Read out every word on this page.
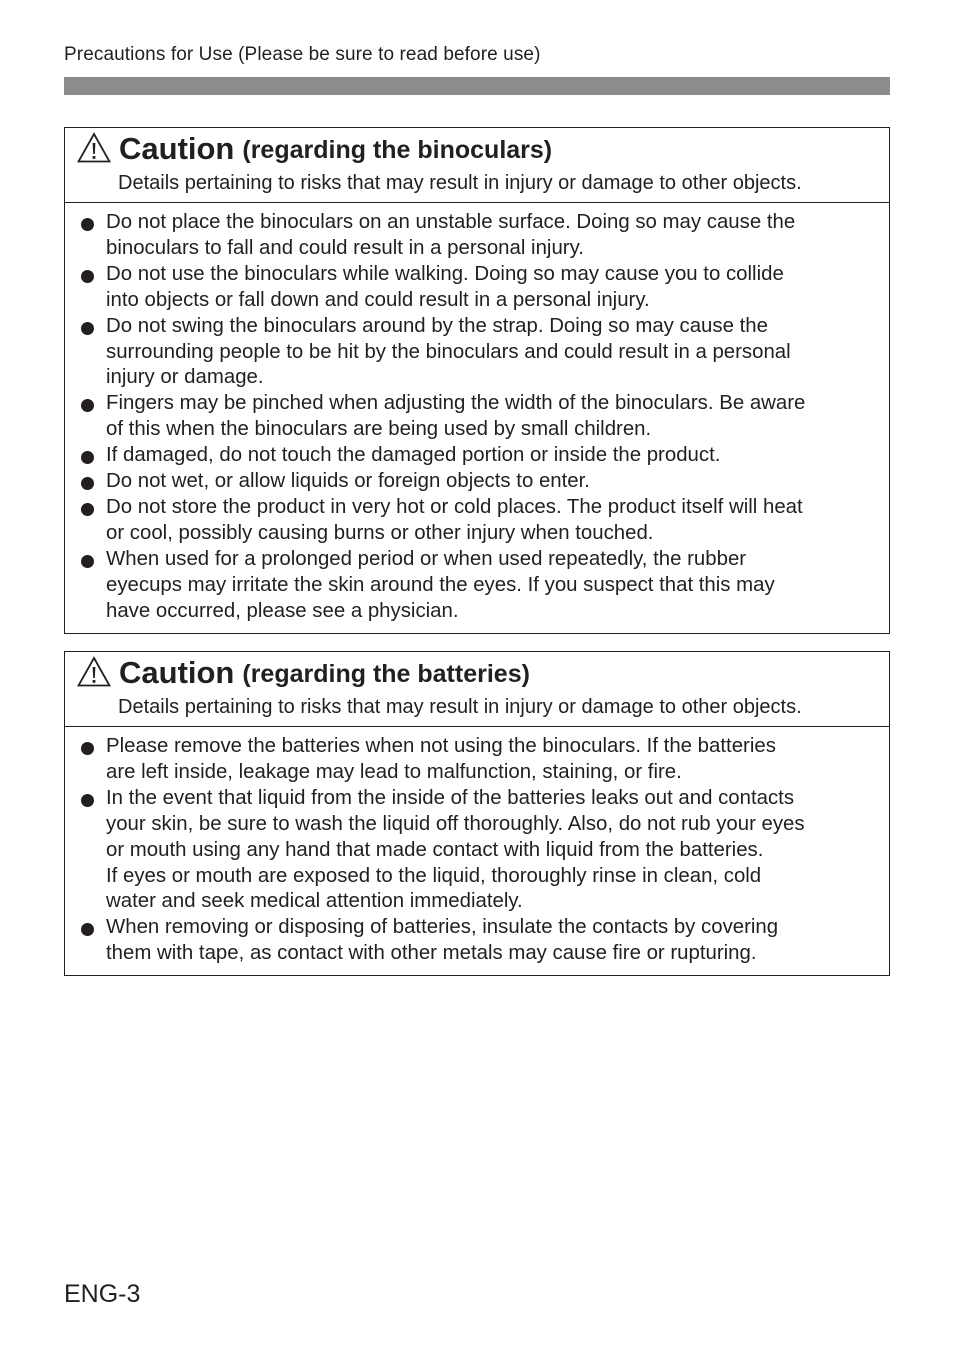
Precautions for Use (Please be sure to read before use)
Caution (regarding the binoculars)
Details pertaining to risks that may result in injury or damage to other objects.
Do not place the binoculars on an unstable surface. Doing so may cause the
binoculars to fall and could result in a personal injury.
Do not use the binoculars while walking. Doing so may cause you to collide
into objects or fall down and could result in a personal injury.
Do not swing the binoculars around by the strap. Doing so may cause the
surrounding people to be hit by the binoculars and could result in a personal
injury or damage.
Fingers may be pinched when adjusting the width of the binoculars. Be aware
of this when the binoculars are being used by small children.
If damaged, do not touch the damaged portion or inside the product.
Do not wet, or allow liquids or foreign objects to enter.
Do not store the product in very hot or cold places. The product itself will heat
or cool, possibly causing burns or other injury when touched.
When used for a prolonged period or when used repeatedly, the rubber
eyecups may irritate the skin around the eyes. If you suspect that this may
have occurred, please see a physician.
Caution (regarding the batteries)
Details pertaining to risks that may result in injury or damage to other objects.
Please remove the batteries when not using the binoculars. If the batteries
are left inside, leakage may lead to malfunction, staining, or fire.
In the event that liquid from the inside of the batteries leaks out and contacts
your skin, be sure to wash the liquid off thoroughly. Also, do not rub your eyes
or mouth using any hand that made contact with liquid from the batteries.
If eyes or mouth are exposed to the liquid, thoroughly rinse in clean, cold
water and seek medical attention immediately.
When removing or disposing of batteries, insulate the contacts by covering
them with tape, as contact with other metals may cause fire or rupturing.
ENG-3
